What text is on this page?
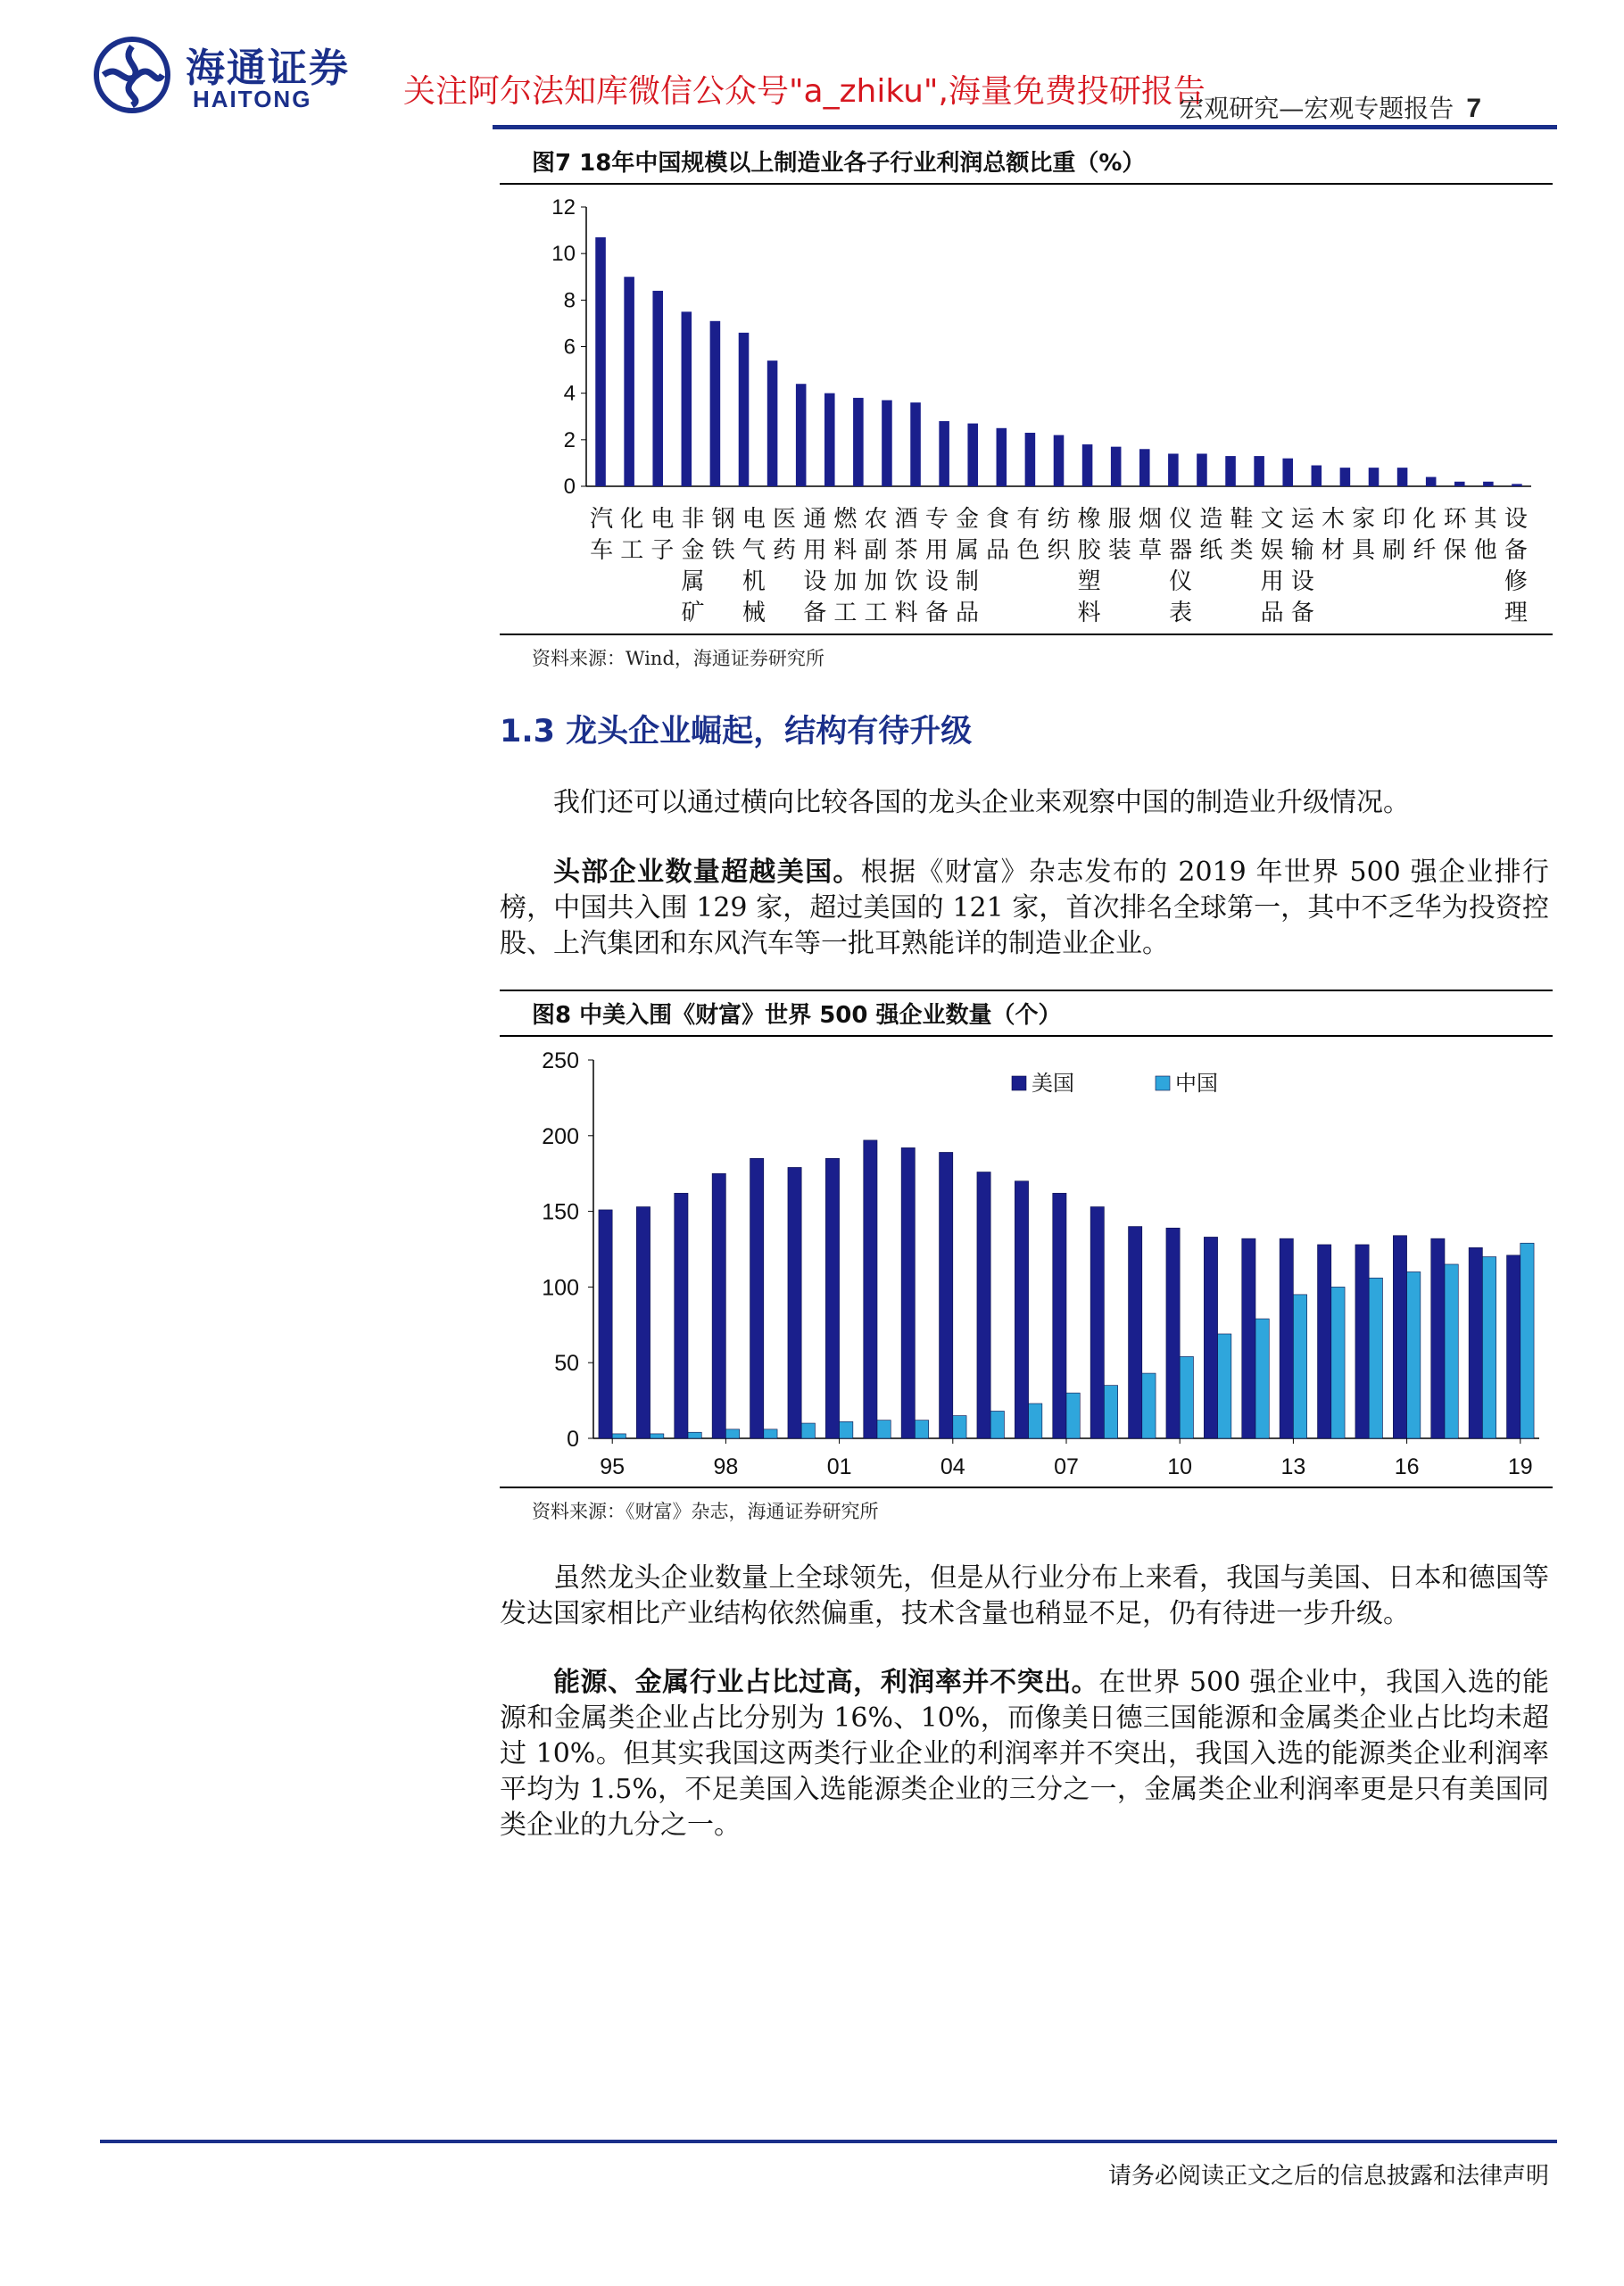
海通证券
HAITONG	关注阿尔法知库微信公众号"a_zhiku",海量免费投研报告
宏观研究—宏观专题报告 7
图7 18年中国规模以上制造业各子行业利润总额比重（%）
0
2
4
6
8
10
12
汽车
化工
电子
非金属矿
钢铁
电气机械
医药
通用设备
燃料加工
农副加工
酒茶饮料
专用设备
金属制品
食品
有色
纺织
橡胶塑料
服装
烟草
仪器仪表
造纸
鞋类
文娱用品
运输设备
木材
家具
印刷
化纤
环保
其他
设备修理
资料来源：Wind，海通证券研究所
1.3 龙头企业崛起，结构有待升级
我们还可以通过横向比较各国的龙头企业来观察中国的制造业升级情况。
头部企业数量超越美国。根据《财富》杂志发布的 2019 年世界 500 强企业排行榜，中国共入围 129 家，超过美国的 121 家，首次排名全球第一，其中不乏华为投资控股、上汽集团和东风汽车等一批耳熟能详的制造业企业。
图8 中美入围《财富》世界 500 强企业数量（个）
0
50
100
150
200
250
95	98	01	04	07	10	13	16	19
美国	中国
资料来源：《财富》杂志，海通证券研究所
虽然龙头企业数量上全球领先，但是从行业分布上来看，我国与美国、日本和德国等发达国家相比产业结构依然偏重，技术含量也稍显不足，仍有待进一步升级。
能源、金属行业占比过高，利润率并不突出。在世界 500 强企业中，我国入选的能源和金属类企业占比分别为 16%、10%，而像美日德三国能源和金属类企业占比均未超过 10%。但其实我国这两类行业企业的利润率并不突出，我国入选的能源类企业利润率平均为 1.5%，不足美国入选能源类企业的三分之一，金属类企业利润率更是只有美国同类企业的九分之一。
请务必阅读正文之后的信息披露和法律声明
